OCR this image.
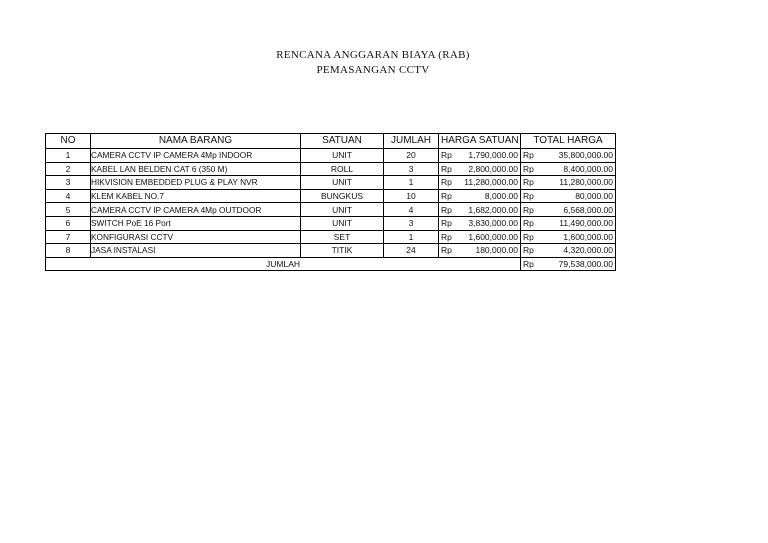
RENCANA ANGGARAN BIAYA (RAB)
PEMASANGAN CCTV
NO	NAMA BARANG	SATUAN	JUMLAH	HARGA SATUAN		TOTAL HARGA	
1	CAMERA CCTV IP CAMERA 4Mp INDOOR	UNIT	20	Rp	1,790,000.00	Rp	35,800,000.00
2	KABEL LAN BELDEN CAT 6 (350 M)	ROLL	3	Rp	2,800,000.00	Rp	8,400,000.00
3	HIKVISION EMBEDDED PLUG & PLAY NVR	UNIT	1	Rp	11,280,000.00	Rp	11,280,000.00
4	KLEM KABEL NO.7	BUNGKUS	10	Rp	8,000.00	Rp	80,000.00
5	CAMERA CCTV IP CAMERA 4Mp OUTDOOR	UNIT	4	Rp	1,682,000.00	Rp	6,568,000.00
6	SWITCH PoE 16 Port	UNIT	3	Rp	3,830,000.00	Rp	11,490,000.00
7	KONFIGURASI CCTV	SET	1	Rp	1,600,000.00	Rp	1,600,000.00
8	JASA INSTALASI	TITIK	24	Rp	180,000.00	Rp	4,320,000.00
JUMLAH						Rp	79,538,000.00
